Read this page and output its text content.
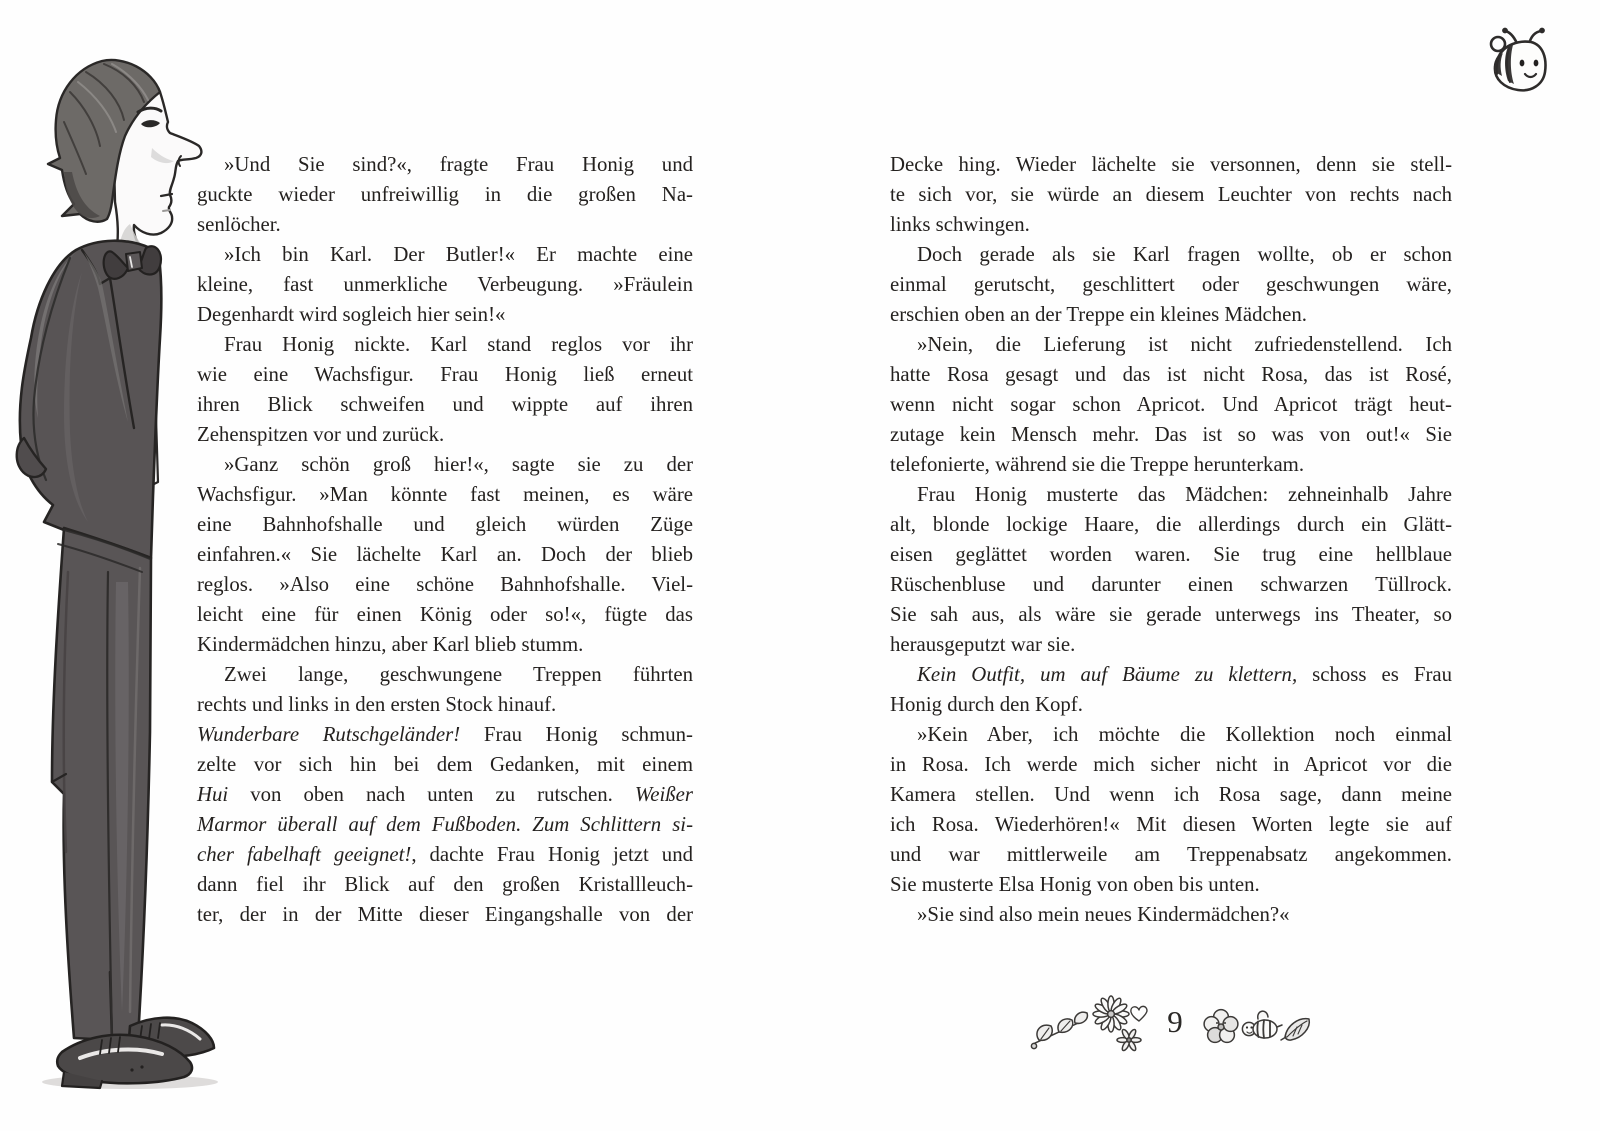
»Und Sie sind?«, fragte Frau Honig und
guckte wieder unfreiwillig in die großen Na-
senlöcher.
»Ich bin Karl. Der Butler!« Er machte eine
kleine, fast unmerkliche Verbeugung. »Fräulein
Degenhardt wird sogleich hier sein!«
Frau Honig nickte. Karl stand reglos vor ihr
wie eine Wachsfigur. Frau Honig ließ erneut
ihren Blick schweifen und wippte auf ihren
Zehenspitzen vor und zurück.
»Ganz schön groß hier!«, sagte sie zu der
Wachsfigur. »Man könnte fast meinen, es wäre
eine Bahnhofshalle und gleich würden Züge
einfahren.« Sie lächelte Karl an. Doch der blieb
reglos. »Also eine schöne Bahnhofshalle. Viel-
leicht eine für einen König oder so!«, fügte das
Kindermädchen hinzu, aber Karl blieb stumm.
Zwei lange, geschwungene Treppen führten
rechts und links in den ersten Stock hinauf.
Wunderbare Rutschgeländer! Frau Honig schmun-
zelte vor sich hin bei dem Gedanken, mit einem
Hui von oben nach unten zu rutschen. Weißer
Marmor überall auf dem Fußboden. Zum Schlittern si-
cher fabelhaft geeignet!, dachte Frau Honig jetzt und
dann fiel ihr Blick auf den großen Kristallleuch-
ter, der in der Mitte dieser Eingangshalle von der
Decke hing. Wieder lächelte sie versonnen, denn sie stell-
te sich vor, sie würde an diesem Leuchter von rechts nach
links schwingen.
Doch gerade als sie Karl fragen wollte, ob er schon
einmal gerutscht, geschlittert oder geschwungen wäre,
erschien oben an der Treppe ein kleines Mädchen.
»Nein, die Lieferung ist nicht zufriedenstellend. Ich
hatte Rosa gesagt und das ist nicht Rosa, das ist Rosé,
wenn nicht sogar schon Apricot. Und Apricot trägt heut-
zutage kein Mensch mehr. Das ist so was von out!« Sie
telefonierte, während sie die Treppe herunterkam.
Frau Honig musterte das Mädchen: zehneinhalb Jahre
alt, blonde lockige Haare, die allerdings durch ein Glätt-
eisen geglättet worden waren. Sie trug eine hellblaue
Rüschenbluse und darunter einen schwarzen Tüllrock.
Sie sah aus, als wäre sie gerade unterwegs ins Theater, so
herausgeputzt war sie.
Kein Outfit, um auf Bäume zu klettern, schoss es Frau
Honig durch den Kopf.
»Kein Aber, ich möchte die Kollektion noch einmal
in Rosa. Ich werde mich sicher nicht in Apricot vor die
Kamera stellen. Und wenn ich Rosa sage, dann meine
ich Rosa. Wiederhören!« Mit diesen Worten legte sie auf
und war mittlerweile am Treppenabsatz angekommen.
Sie musterte Elsa Honig von oben bis unten.
»Sie sind also mein neues Kindermädchen?«
9
